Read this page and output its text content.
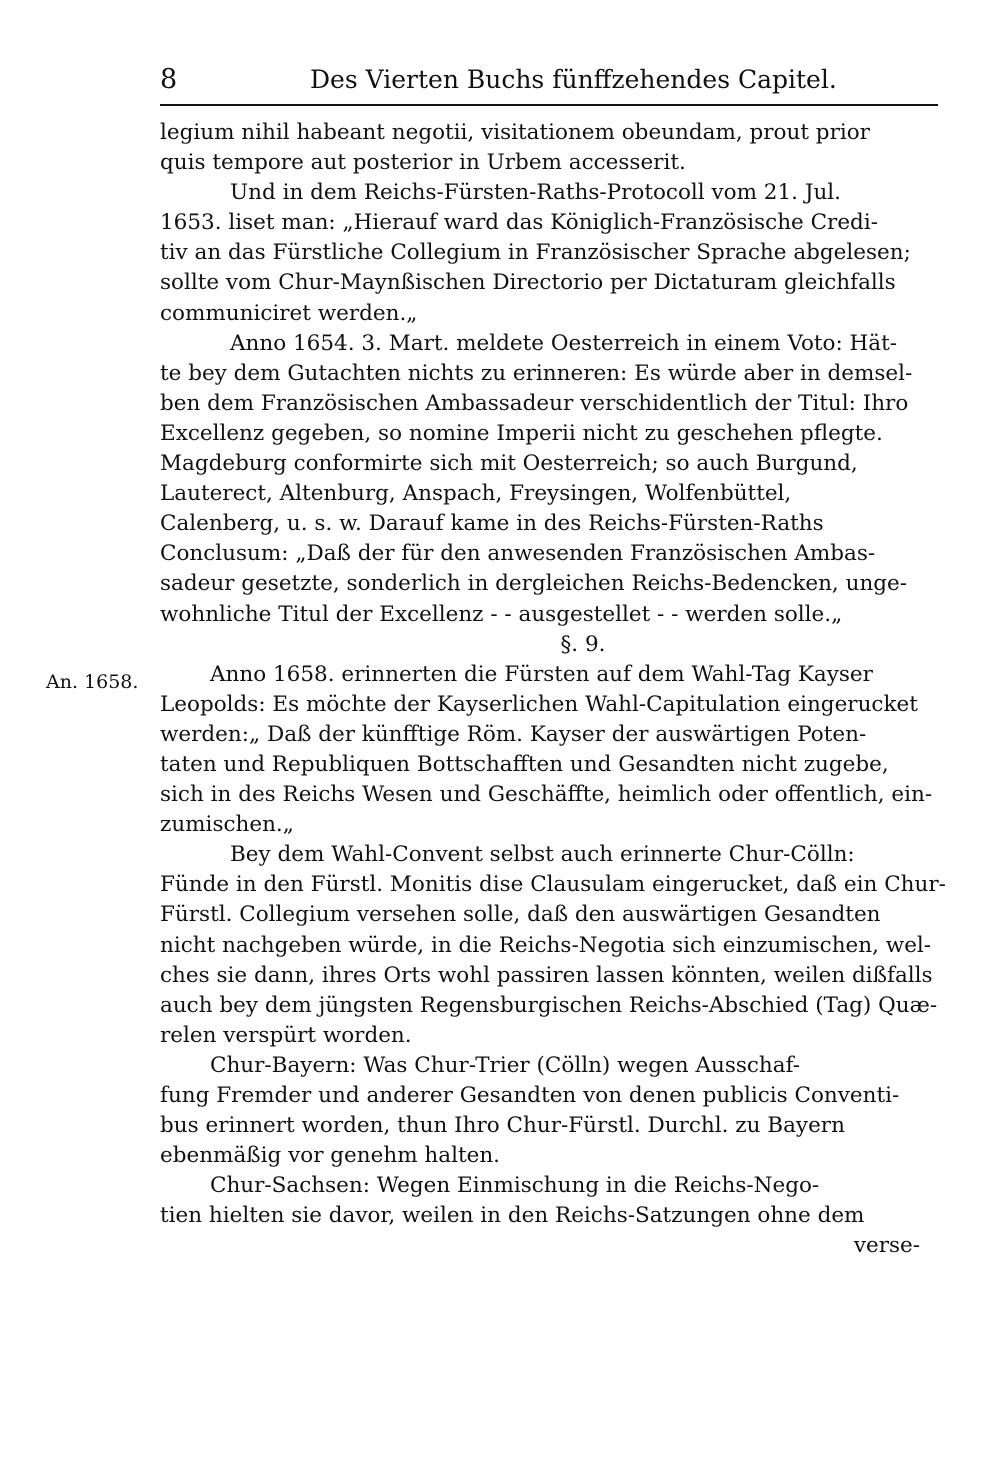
8	Des Vierten Buchs fünffzehendes Capitel.
An. 1658.
legium nihil habeant negotii, visitationem obeundam, prout prior
quis tempore aut posterior in Urbem accesserit.
Und in dem Reichs-Fürsten-Raths-Protocoll vom 21. Jul.
1653. liset man: „Hierauf ward das Königlich-Französische Credi-
tiv an das Fürstliche Collegium in Französischer Sprache abgelesen;
sollte vom Chur-Maynßischen Directorio per Dictaturam gleichfalls
communiciret werden.„
Anno 1654. 3. Mart. meldete Oesterreich in einem Voto: Hät-
te bey dem Gutachten nichts zu erinneren: Es würde aber in demsel-
ben dem Französischen Ambassadeur verschidentlich der Titul: Ihro
Excellenz gegeben, so nomine Imperii nicht zu geschehen pflegte.
Magdeburg conformirte sich mit Oesterreich; so auch Burgund,
Lauterect, Altenburg, Anspach, Freysingen, Wolfenbüttel,
Calenberg, u. s. w. Darauf kame in des Reichs-Fürsten-Raths
Conclusum: „Daß der für den anwesenden Französischen Ambas-
sadeur gesetzte, sonderlich in dergleichen Reichs-Bedencken, unge-
wohnliche Titul der Excellenz - - ausgestellet - - werden solle.„
§. 9.
Anno 1658. erinnerten die Fürsten auf dem Wahl-Tag Kayser
Leopolds: Es möchte der Kayserlichen Wahl-Capitulation eingerucket
werden:„ Daß der künfftige Röm. Kayser der auswärtigen Poten-
taten und Republiquen Bottschafften und Gesandten nicht zugebe,
sich in des Reichs Wesen und Geschäffte, heimlich oder offentlich, ein-
zumischen.„
Bey dem Wahl-Convent selbst auch erinnerte Chur-Cölln:
Fünde in den Fürstl. Monitis dise Clausulam eingerucket, daß ein Chur-
Fürstl. Collegium versehen solle, daß den auswärtigen Gesandten
nicht nachgeben würde, in die Reichs-Negotia sich einzumischen, wel-
ches sie dann, ihres Orts wohl passiren lassen könnten, weilen dißfalls
auch bey dem jüngsten Regensburgischen Reichs-Abschied (Tag) Quæ-
relen verspürt worden.
Chur-Bayern: Was Chur-Trier (Cölln) wegen Ausschaf-
fung Fremder und anderer Gesandten von denen publicis Conventi-
bus erinnert worden, thun Ihro Chur-Fürstl. Durchl. zu Bayern
ebenmäßig vor genehm halten.
Chur-Sachsen: Wegen Einmischung in die Reichs-Nego-
tien hielten sie davor, weilen in den Reichs-Satzungen ohne dem
verse-
